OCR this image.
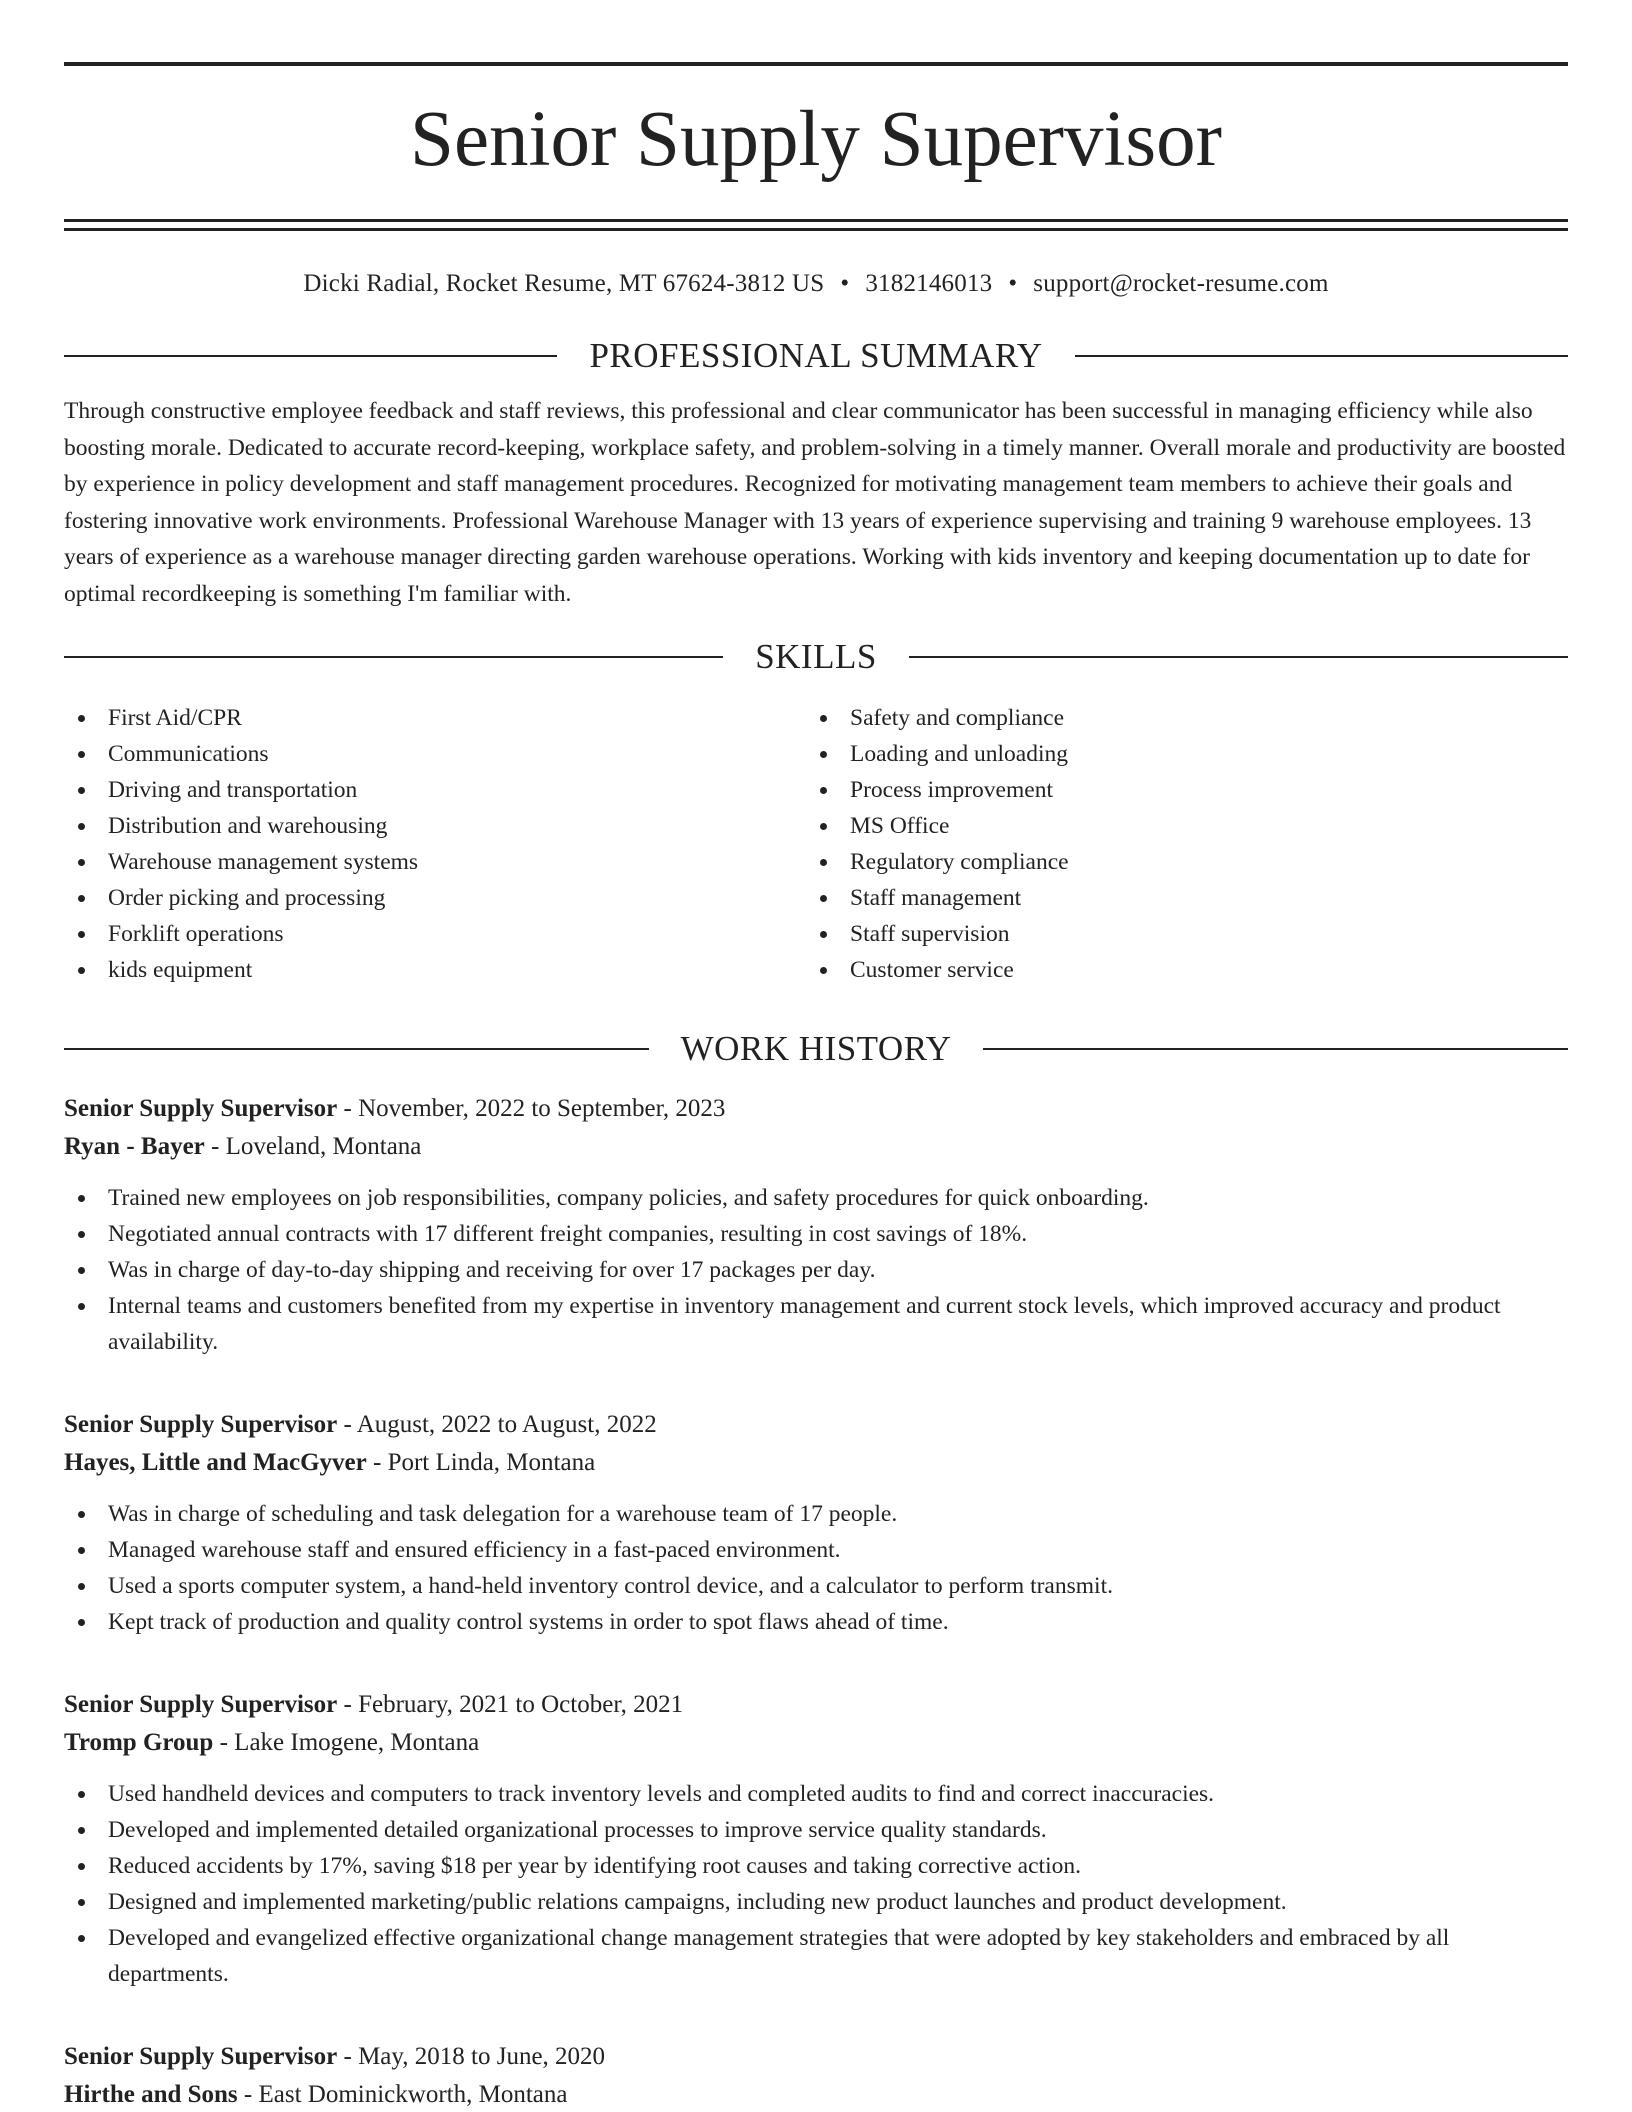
Senior Supply Supervisor
Dicki Radial, Rocket Resume, MT 67624-3812 US • 3182146013 • support@rocket-resume.com
PROFESSIONAL SUMMARY

Through constructive employee feedback and staff reviews, this professional and clear communicator has been successful in managing efficiency while also boosting morale. Dedicated to accurate record-keeping, workplace safety, and problem-solving in a timely manner. Overall morale and productivity are boosted by experience in policy development and staff management procedures. Recognized for motivating management team members to achieve their goals and fostering innovative work environments. Professional Warehouse Manager with 13 years of experience supervising and training 9 warehouse employees. 13 years of experience as a warehouse manager directing garden warehouse operations. Working with kids inventory and keeping documentation up to date for optimal recordkeeping is something I'm familiar with.

SKILLS
First Aid/CPR
Communications
Driving and transportation
Distribution and warehousing
Warehouse management systems
Order picking and processing
Forklift operations
kids equipment
Safety and compliance
Loading and unloading
Process improvement
MS Office
Regulatory compliance
Staff management
Staff supervision
Customer service
WORK HISTORY
Senior Supply Supervisor - November, 2022 to September, 2023
Ryan - Bayer - Loveland, Montana
Trained new employees on job responsibilities, company policies, and safety procedures for quick onboarding.
Negotiated annual contracts with 17 different freight companies, resulting in cost savings of 18%.
Was in charge of day-to-day shipping and receiving for over 17 packages per day.
Internal teams and customers benefited from my expertise in inventory management and current stock levels, which improved accuracy and product availability.
Senior Supply Supervisor - August, 2022 to August, 2022
Hayes, Little and MacGyver - Port Linda, Montana
Was in charge of scheduling and task delegation for a warehouse team of 17 people.
Managed warehouse staff and ensured efficiency in a fast-paced environment.
Used a sports computer system, a hand-held inventory control device, and a calculator to perform transmit.
Kept track of production and quality control systems in order to spot flaws ahead of time.
Senior Supply Supervisor - February, 2021 to October, 2021
Tromp Group - Lake Imogene, Montana
Used handheld devices and computers to track inventory levels and completed audits to find and correct inaccuracies.
Developed and implemented detailed organizational processes to improve service quality standards.
Reduced accidents by 17%, saving $18 per year by identifying root causes and taking corrective action.
Designed and implemented marketing/public relations campaigns, including new product launches and product development.
Developed and evangelized effective organizational change management strategies that were adopted by key stakeholders and embraced by all departments.
Senior Supply Supervisor - May, 2018 to June, 2020
Hirthe and Sons - East Dominickworth, Montana
